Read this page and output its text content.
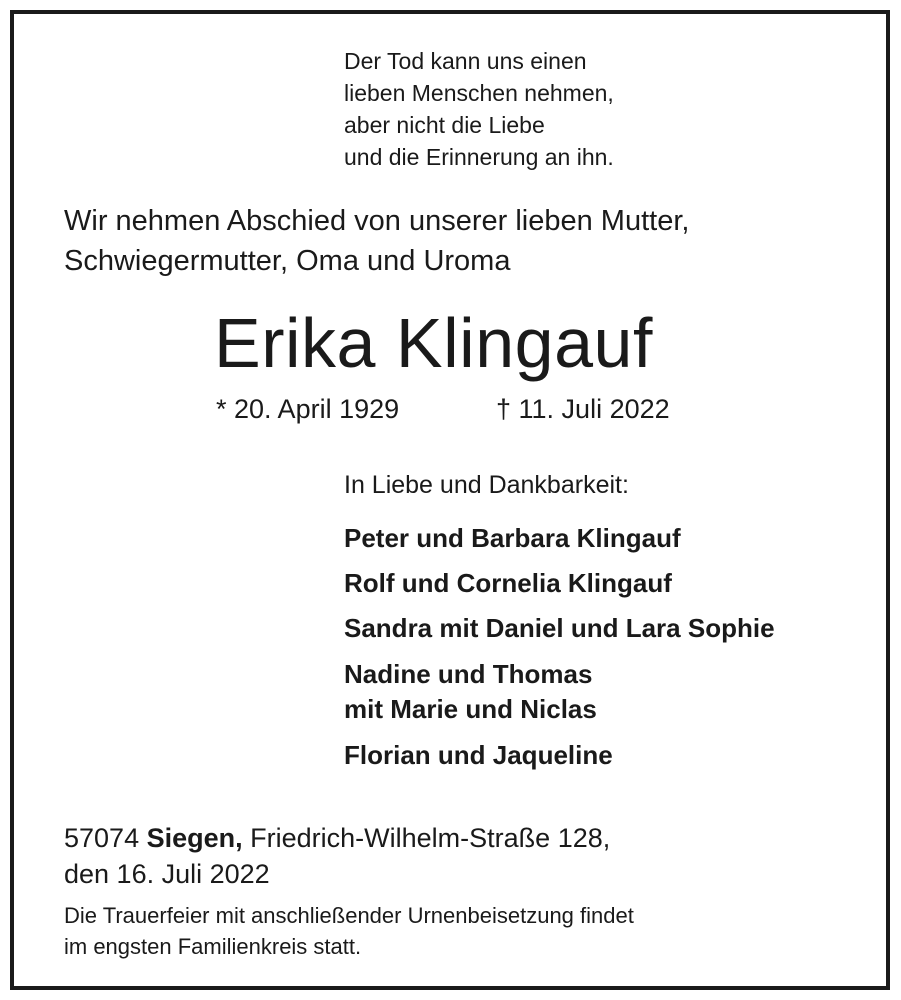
Der Tod kann uns einen
lieben Menschen nehmen,
aber nicht die Liebe
und die Erinnerung an ihn.
Wir nehmen Abschied von unserer lieben Mutter,
Schwiegermutter, Oma und Uroma
Erika Klingauf
* 20. April 1929	† 11. Juli 2022
In Liebe und Dankbarkeit:
Peter und Barbara Klingauf
Rolf und Cornelia Klingauf
Sandra mit Daniel und Lara Sophie
Nadine und Thomas
mit Marie und Niclas
Florian und Jaqueline
57074 Siegen, Friedrich-Wilhelm-Straße 128,
den 16. Juli 2022
Die Trauerfeier mit anschließender Urnenbeisetzung findet
im engsten Familienkreis statt.
